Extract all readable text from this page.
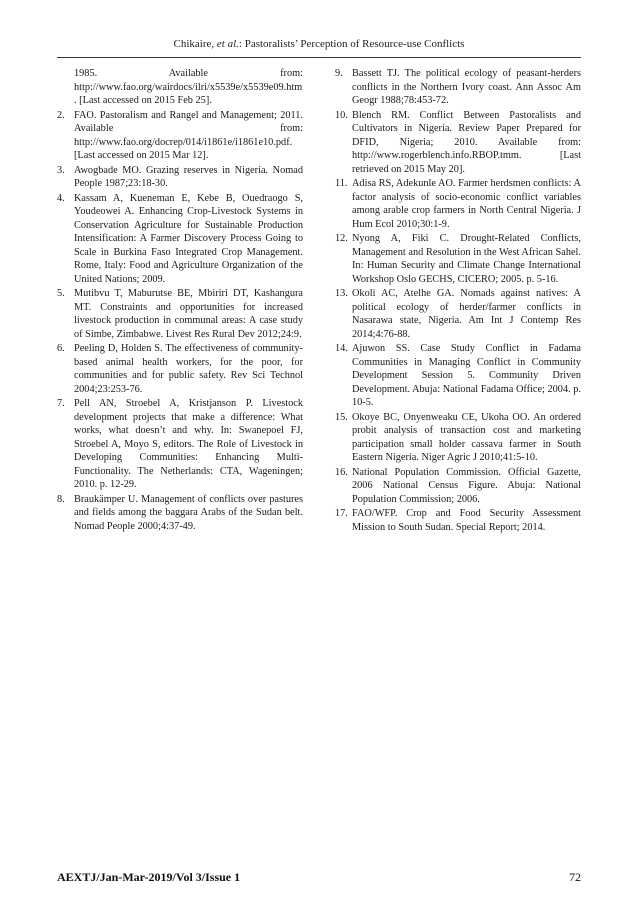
Chikaire, et al.: Pastoralists’ Perception of Resource-use Conflicts
1985. Available from: http://www.fao.org/wairdocs/ilri/x5539e/x5539e09.htm. [Last accessed on 2015 Feb 25].
2. FAO. Pastoralism and Rangel and Management; 2011. Available from: http://www.fao.org/docrep/014/i1861e/i1861e10.pdf. [Last accessed on 2015 Mar 12].
3. Awogbade MO. Grazing reserves in Nigeria. Nomad People 1987;23:18-30.
4. Kassam A, Kueneman E, Kebe B, Ouedraogo S, Youdeowei A. Enhancing Crop-Livestock Systems in Conservation Agriculture for Sustainable Production Intensification: A Farmer Discovery Process Going to Scale in Burkina Faso Integrated Crop Management. Rome, Italy: Food and Agriculture Organization of the United Nations; 2009.
5. Mutibvu T, Maburutse BE, Mbiriri DT, Kashangura MT. Constraints and opportunities for increased livestock production in communal areas: A case study of Simbe, Zimbabwe. Livest Res Rural Dev 2012;24:9.
6. Peeling D, Holden S. The effectiveness of community-based animal health workers, for the poor, for communities and for public safety. Rev Sci Technol 2004;23:253-76.
7. Pell AN, Stroebel A, Kristjanson P. Livestock development projects that make a difference: What works, what doesn’t and why. In: Swanepoel FJ, Stroebel A, Moyo S, editors. The Role of Livestock in Developing Communities: Enhancing Multi-Functionality. The Netherlands: CTA, Wageningen; 2010. p. 12-29.
8. Braukämper U. Management of conflicts over pastures and fields among the baggara Arabs of the Sudan belt. Nomad People 2000;4:37-49.
9. Bassett TJ. The political ecology of peasant-herders conflicts in the Northern Ivory coast. Ann Assoc Am Geogr 1988;78:453-72.
10. Blench RM. Conflict Between Pastoralists and Cultivators in Nigeria. Review Paper Prepared for DFID, Nigeria; 2010. Available from: http://www.rogerblench.info.RBOP.tmm. [Last retrieved on 2015 May 20].
11. Adisa RS, Adekunle AO. Farmer herdsmen conflicts: A factor analysis of socio-economic conflict variables among arable crop farmers in North Central Nigeria. J Hum Ecol 2010;30:1-9.
12. Nyong A, Fiki C. Drought-Related Conflicts, Management and Resolution in the West African Sahel. In: Human Security and Climate Change International Workshop Oslo GECHS, CICERO; 2005. p. 5-16.
13. Okoli AC, Atelhe GA. Nomads against natives: A political ecology of herder/farmer conflicts in Nasarawa state, Nigeria. Am Int J Contemp Res 2014;4:76-88.
14. Ajuwon SS. Case Study Conflict in Fadama Communities in Managing Conflict in Community Development Session 5. Community Driven Development. Abuja: National Fadama Office; 2004. p. 10-5.
15. Okoye BC, Onyenweaku CE, Ukoha OO. An ordered probit analysis of transaction cost and marketing participation small holder cassava farmer in South Eastern Nigeria. Niger Agric J 2010;41:5-10.
16. National Population Commission. Official Gazette, 2006 National Census Figure. Abuja: National Population Commission; 2006.
17. FAO/WFP. Crop and Food Security Assessment Mission to South Sudan. Special Report; 2014.
AEXTJ/Jan-Mar-2019/Vol 3/Issue 1	72
